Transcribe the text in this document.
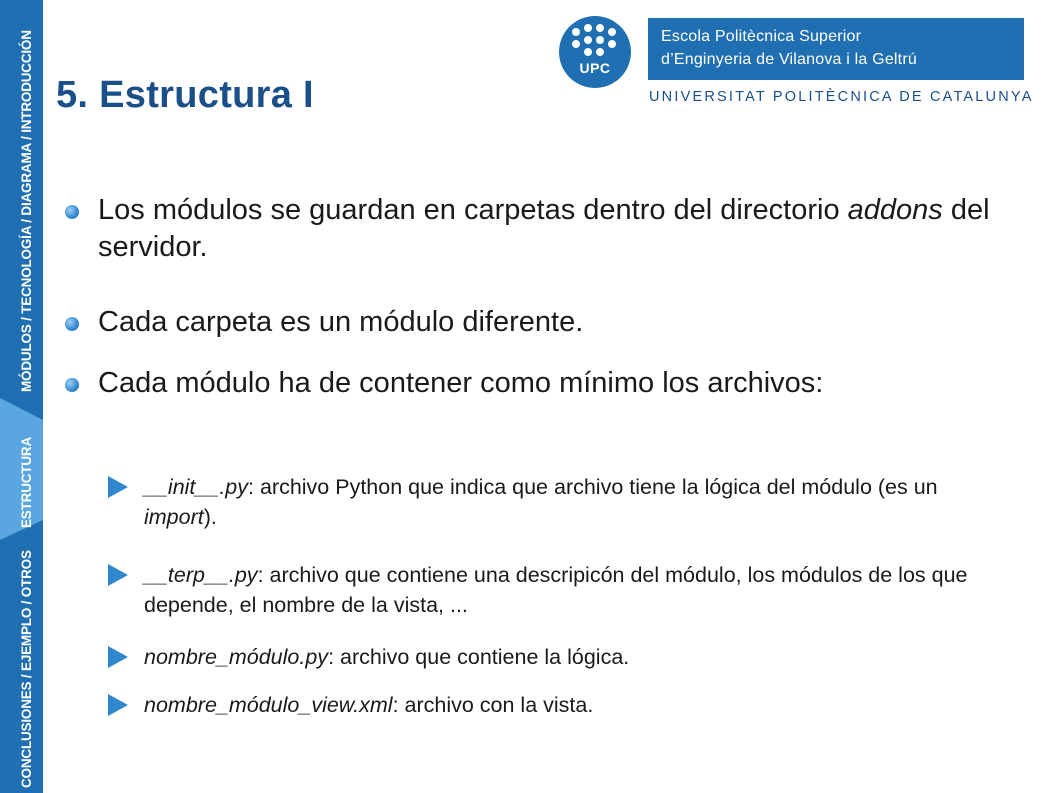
MÓDULOS / TECNOLOGÍA / DIAGRAMA / INTRODUCCIÓN
ESTRUCTURA
CONCLUSIONES / EJEMPLO / OTROS
5. Estructura I
UPC
Escola Politècnica Superior
d’Enginyeria de Vilanova i la Geltrú
UNIVERSITAT POLITÈCNICA DE CATALUNYA
Los módulos se guardan en carpetas dentro del directorio addons del servidor.
Cada carpeta es un módulo diferente.
Cada módulo ha de contener como mínimo los archivos:
__init__.py: archivo Python que indica que archivo tiene la lógica del módulo (es un import).
__terp__.py: archivo que contiene una descripicón del módulo, los módulos de los que depende, el nombre de la vista, ...
nombre_módulo.py: archivo que contiene la lógica.
nombre_módulo_view.xml: archivo con la vista.
